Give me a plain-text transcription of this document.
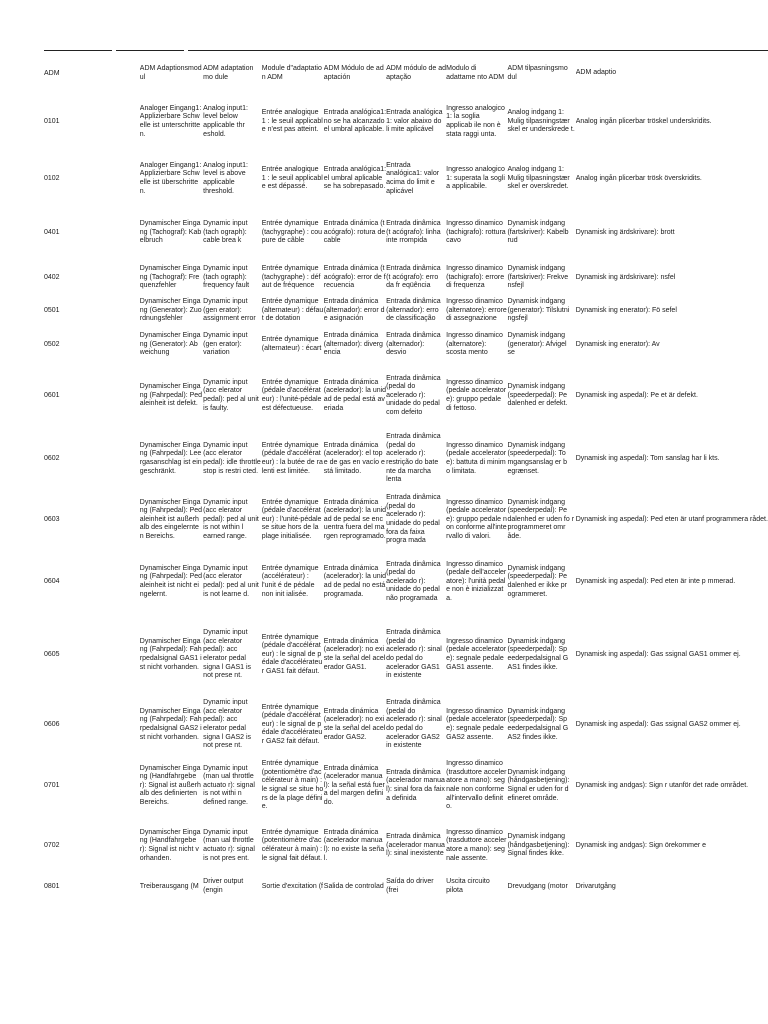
ADM	ADM Adaptionsmod ul	ADM adaptation mo dule	Module d"adaptatio n ADM	ADM Módulo de ad aptación	ADM módulo de ad aptação	Modulo di adattame nto ADM	ADM tilpasningsmo dul	ADM adaptio
0101	Analoger Eingang1: Applizierbare Schw elle ist unterschritte n.	Analog input1: level below applicable thr eshold.	Entrée analogique 1 : le seuil applicabl e n'est pas atteint.	Entrada analógica1: no se ha alcanzado el umbral aplicable.	Entrada analógica 1: valor abaixo do li mite aplicável	Ingresso analogico 1: la soglia applicab ile non è stata raggi unta.	Analog indgang 1: Mulig tilpasningstær skel er underskrede t.	Analog ingån plicerbar tröskel underskridits.
0102	Analoger Eingang1: Applizierbare Schw elle ist überschritte n.	Analog input1: level is above applicable threshold.	Entrée analogique 1 : le seuil applicabl e est dépassé.	Entrada analógica1: el umbral aplicable se ha sobrepasado.	Entrada analógica1: valor acima do limit e aplicável	Ingresso analogico 1: superata la sogli a applicabile.	Analog indgang 1: Mulig tilpasningstær skel er overskredet.	Analog ingån plicerbar trösk överskridits.
0401	Dynamischer Einga ng (Tachograf): Kab elbruch	Dynamic input (tach ograph): cable brea k	Entrée dynamique (tachygraphe) : cou pure de câble	Entrada dinámica (t acógrafo): rotura de cable	Entrada dinâmica (t acógrafo): linha inte rrompida	Ingresso dinamico (tachigrafo): rottura cavo	Dynamisk indgang (fartskriver): Kabelb rud	Dynamisk ing ärdskrivare): brott
0402	Dynamischer Einga ng (Tachograf): Fre quenzfehler	Dynamic input (tach ograph): frequency fault	Entrée dynamique (tachygraphe) : déf aut de fréquence	Entrada dinámica (t acógrafo): error de f recuencia	Entrada dinâmica (t acógrafo): erro da fr eqüência	Ingresso dinamico (tachigrafo): errore di frequenza	Dynamisk indgang (fartskriver): Frekve nsfejl	Dynamisk ing ärdskrivare): nsfel
0501	Dynamischer Einga ng (Generator): Zuo rdnungsfehler	Dynamic input (gen erator): assignment error	Entrée dynamique (alternateur) : défau t de dotation	Entrada dinámica (alternador): error d e asignación	Entrada dinâmica (alternador): erro de classificação	Ingresso dinamico (alternatore): errore di assegnazione	Dynamisk indgang (generator): Tilslutni ngsfejl	Dynamisk ing enerator): Fö sefel
0502	Dynamischer Einga ng (Generator): Ab weichung	Dynamic input (gen erator): variation	Entrée dynamique (alternateur) : écart	Entrada dinámica (alternador): diverg encia	Entrada dinâmica (alternador): desvio	Ingresso dinamico (alternatore): scosta mento	Dynamisk indgang (generator): Afvigel se	Dynamisk ing enerator): Av
0601	Dynamischer Einga ng (Fahrpedal): Ped aleinheit ist defekt.	Dynamic input (acc elerator pedal): ped al unit is faulty.	Entrée dynamique (pédale d'accélérat eur) : l'unité-pédale est défectueuse.	Entrada dinámica (acelerador): la unid ad de pedal está av eriada	Entrada dinâmica (pedal do acelerado r): unidade do pedal com defeito	Ingresso dinamico (pedale accelerator e): gruppo pedale di fettoso.	Dynamisk indgang (speederpedal): Pe dalenhed er defekt.	Dynamisk ing aspedal): Pe et är defekt.
0602	Dynamischer Einga ng (Fahrpedal): Lee rgasanschlag ist ein geschränkt.	Dynamic input (acc elerator pedal): idle throttle stop is restri cted.	Entrée dynamique (pédale d'accélérat eur) : la butée de ra lenti est limitée.	Entrada dinámica (acelerador): el top e de gas en vacío e stá limitado.	Entrada dinâmica (pedal do acelerado r): restrição do bate nte da marcha lenta	Ingresso dinamico (pedale accelerator e): battuta di minim o limitata.	Dynamisk indgang (speederpedal): To mgangsanslag er b egrænset.	Dynamisk ing aspedal): Tom sanslag har li kts.
0603	Dynamischer Einga ng (Fahrpedal): Ped aleinheit ist außerh alb des eingelernte n Bereichs.	Dynamic input (acc elerator pedal): ped al unit is not within l earned range.	Entrée dynamique (pédale d'accélérat eur) : l'unité-pédale se situe hors de la plage initialisée.	Entrada dinámica (acelerador): la unid ad de pedal se enc uentra fuera del ma rgen reprogramado.	Entrada dinâmica (pedal do acelerado r): unidade do pedal fora da faixa progra mada	Ingresso dinamico (pedale accelerator e): gruppo pedale n on conforme all'inte rvallo di valori.	Dynamisk indgang (speederpedal): Pe dalenhed er uden fo r programmeret omr åde.	Dynamisk ing aspedal): Ped eten är utanf programmera rådet.
0604	Dynamischer Einga ng (Fahrpedal): Ped aleinheit ist nicht ei ngelernt.	Dynamic input (acc elerator pedal): ped al unit is not learne d.	Entrée dynamique (accélérateur) : l'unit é de pédale non init ialisée.	Entrada dinámica (acelerador): la unid ad de pedal no está programada.	Entrada dinâmica (pedal do acelerado r): unidade do pedal não programada	Ingresso dinamico (pedale dell'acceler atore): l'unità pedal e non è inizializzat a.	Dynamisk indgang (speederpedal): Pe dalenhed er ikke pr ogrammeret.	Dynamisk ing aspedal): Ped eten är inte p mmerad.
0605	Dynamischer Einga ng (Fahrpedal): Fah rpedalsignal GAS1 i st nicht vorhanden.	Dynamic input (acc elerator pedal): acc elerator pedal signa l GAS1 is not prese nt.	Entrée dynamique (pédale d'accélérat eur) : le signal de p édale d'accélérateu r GAS1 fait défaut.	Entrada dinámica (acelerador): no exi ste la señal del acel erador GAS1.	Entrada dinâmica (pedal do acelerado r): sinal do pedal do acelerador GAS1 in existente	Ingresso dinamico (pedale accelerator e): segnale pedale GAS1 assente.	Dynamisk indgang (speederpedal): Sp eederpedalsignal G AS1 findes ikke.	Dynamisk ing aspedal): Gas ssignal GAS1 ommer ej.
0606	Dynamischer Einga ng (Fahrpedal): Fah rpedalsignal GAS2 i st nicht vorhanden.	Dynamic input (acc elerator pedal): acc elerator pedal signa l GAS2 is not prese nt.	Entrée dynamique (pédale d'accélérat eur) : le signal de p édale d'accélérateu r GAS2 fait défaut.	Entrada dinámica (acelerador): no exi ste la señal del acel erador GAS2.	Entrada dinâmica (pedal do acelerado r): sinal do pedal do acelerador GAS2 in existente	Ingresso dinamico (pedale accelerator e): segnale pedale GAS2 assente.	Dynamisk indgang (speederpedal): Sp eederpedalsignal G AS2 findes ikke.	Dynamisk ing aspedal): Gas ssignal GAS2 ommer ej.
0701	Dynamischer Einga ng (Handfahrgebe r): Signal ist außerh alb des definierten Bereichs.	Dynamic input (man ual throttle actuato r): signal is not withi n defined range.	Entrée dynamique (potentiomètre d'ac célérateur à main) : le signal se situe ho rs de la plage défini e.	Entrada dinámica (acelerador manua l): la señal está fuer a del margen defini do.	Entrada dinâmica (acelerador manua l): sinal fora da faix a definida	Ingresso dinamico (trasduttore acceler atore a mano): seg nale non conforme all'intervallo definit o.	Dynamisk indgang (håndgasbetjening): Signal er uden for d efineret område.	Dynamisk ing andgas): Sign r utanför det rade området.
0702	Dynamischer Einga ng (Handfahrgebe r): Signal ist nicht v orhanden.	Dynamic input (man ual throttle actuato r): signal is not pres ent.	Entrée dynamique (potentiomètre d'ac célérateur à main) : le signal fait défaut.	Entrada dinámica (acelerador manua l): no existe la seña l.	Entrada dinâmica (acelerador manua l): sinal inexistente	Ingresso dinamico (trasduttore acceler atore a mano): seg nale assente.	Dynamisk indgang (håndgasbetjening): Signal findes ikke.	Dynamisk ing andgas): Sign örekommer e
0801	Treiberausgang (M	Driver output (engin	Sortie d'excitation (f	Salida de controlad	Saída do driver (frei	Uscita circuito pilota	Drevudgang (motor	Drivarutgång
